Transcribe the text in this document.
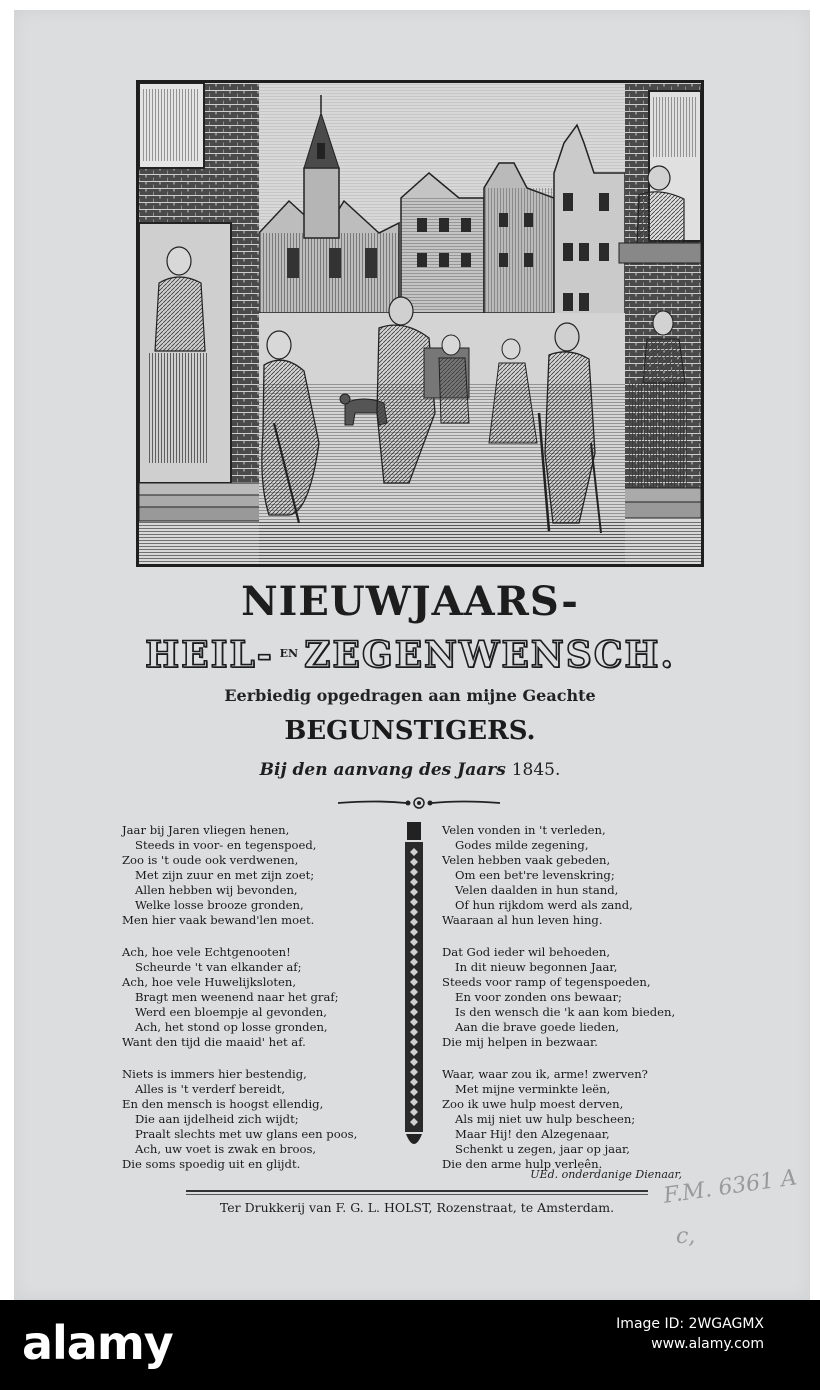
NIEUWJAARS-
HEIL- $^{EN}$ ZEGENWENSCH.
Eerbiedig opgedragen aan mijne Geachte
BEGUNSTIGERS.
Bij den aanvang des Jaars 1845.
Jaar bij Jaren vliegen henen,
Steeds in voor- en tegenspoed,
Zoo is 't oude ook verdwenen,
Met zijn zuur en met zijn zoet;
Allen hebben wij bevonden,
Welke losse brooze gronden,
Men hier vaak bewand'len moet.
Ach, hoe vele Echtgenooten!
Scheurde 't van elkander af;
Ach, hoe vele Huwelijksloten,
Bragt men weenend naar het graf;
Werd een bloempje al gevonden,
Ach, het stond op losse gronden,
Want den tijd die maaid' het af.
Niets is immers hier bestendig,
Alles is 't verderf bereidt,
En den mensch is hoogst ellendig,
Die aan ijdelheid zich wijdt;
Praalt slechts met uw glans een poos,
Ach, uw voet is zwak en broos,
Die soms spoedig uit en glijdt.
Velen vonden in 't verleden,
Godes milde zegening,
Velen hebben vaak gebeden,
Om een bet're levenskring;
Velen daalden in hun stand,
Of hun rijkdom werd als zand,
Waaraan al hun leven hing.
Dat God ieder wil behoeden,
In dit nieuw begonnen Jaar,
Steeds voor ramp of tegenspoeden,
En voor zonden ons bewaar;
Is den wensch die 'k aan kom bieden,
Aan die brave goede lieden,
Die mij helpen in bezwaar.
Waar, waar zou ik, arme! zwerven?
Met mijne verminkte leën,
Zoo ik uwe hulp moest derven,
Als mij niet uw hulp bescheen;
Maar Hij! den Alzegenaar,
Schenkt u zegen, jaar op jaar,
Die den arme hulp verleên.
UEd. onderdanige Dienaar,
Ter Drukkerij van F. G. L. HOLST, Rozenstraat, te Amsterdam.	F.M. 6361 A
c,
alamy	Image ID: 2WGAGMX
www.alamy.com
